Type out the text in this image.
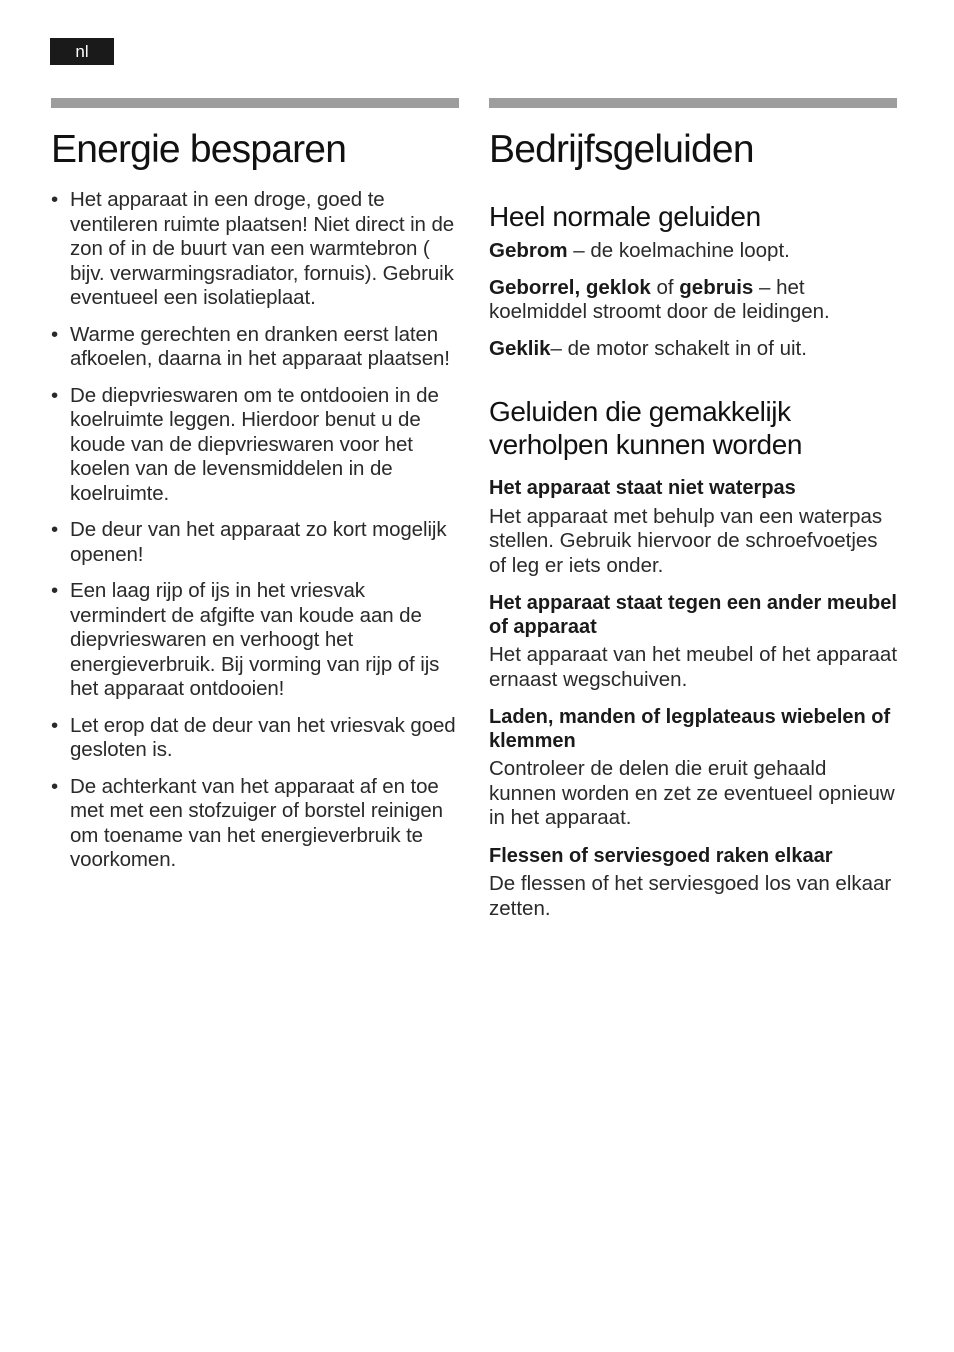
nl
Energie besparen
• Het apparaat in een droge, goed te ventileren ruimte plaatsen! Niet direct in de zon of in de buurt van een warmtebron ( bijv. verwarmingsradiator, fornuis). Gebruik eventueel een isolatieplaat.
• Warme gerechten en dranken eerst laten afkoelen, daarna in het apparaat plaatsen!
• De diepvrieswaren om te ontdooien in de koelruimte leggen. Hierdoor benut u de koude van de diepvrieswaren voor het koelen van de levensmiddelen in de koelruimte.
• De deur van het apparaat zo kort mogelijk openen!
• Een laag rijp of ijs in het vriesvak vermindert de afgifte van koude aan de diepvrieswaren en verhoogt het energieverbruik. Bij vorming van rijp of ijs het apparaat ontdooien!
• Let erop dat de deur van het vriesvak goed gesloten is.
• De achterkant van het apparaat af en toe met met een stofzuiger of borstel reinigen om toename van het energieverbruik te voorkomen.
Bedrijfsgeluiden
Heel normale geluiden

Gebrom – de koelmachine loopt.

Geborrel, geklok of gebruis – het koelmiddel stroomt door de leidingen.

Geklik– de motor schakelt in of uit.

Geluiden die gemakkelijk verholpen kunnen worden

Het apparaat staat niet waterpas

Het apparaat met behulp van een waterpas stellen. Gebruik hiervoor de schroefvoetjes of leg er iets onder.

Het apparaat staat tegen een ander meubel of apparaat

Het apparaat van het meubel of het apparaat ernaast wegschuiven.

Laden, manden of legplateaus wiebelen of klemmen

Controleer de delen die eruit gehaald kunnen worden en zet ze eventueel opnieuw in het apparaat.

Flessen of serviesgoed raken elkaar

De flessen of het serviesgoed los van elkaar zetten.
